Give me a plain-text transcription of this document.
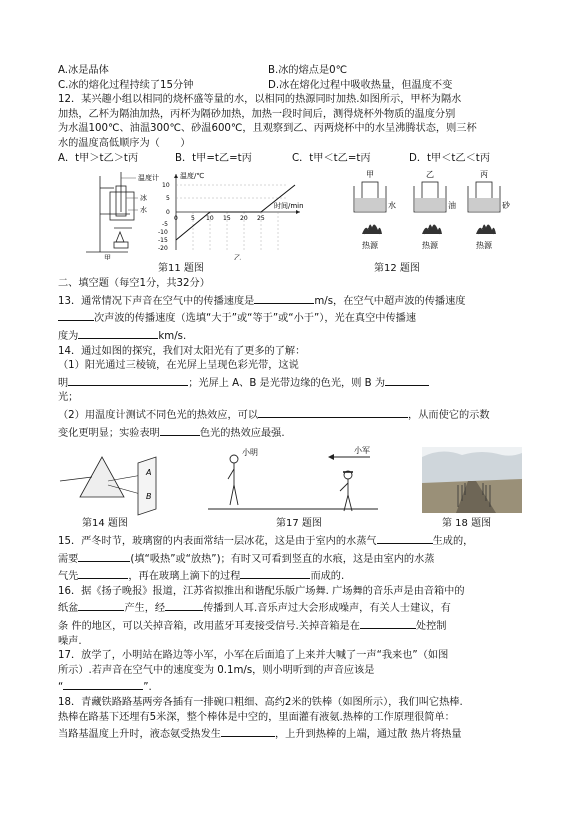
A.冰是晶体	B.冰的熔点是0℃
C.冰的熔化过程持续了15分钟	D.冰在熔化过程中吸收热量，但温度不变
12．某兴趣小组以相同的烧杯盛等量的水，以相同的热源同时加热.如图所示，甲杯为隔水
加热，乙杯为隔油加热，丙杯为隔砂加热，加热一段时间后，测得烧杯外物质的温度分别
为水温100℃、油温300℃、砂温600℃，且观察到乙、丙两烧杯中的水呈沸腾状态，则三杯
水的温度高低顺序为（　　）
A．t甲＞t乙＞t丙	B．t甲=t乙=t丙	C．t甲＜t乙=t丙	D．t甲＜t乙＜t丙
温度计
冰
水
甲
温度/℃
时间/min
10
5
0
-5
-10
-15
-20
0 5 10 15 20 25
乙
甲	乙	丙
水	油	砂
热源	热源	热源
第11 题图	第12 题图
二、填空题（每空1分，共32分）
13．通常情况下声音在空气中的传播速度是	m/s，在空气中超声波的传播速度
次声波的传播速度（选填“大于”或“等于”或“小于”），光在真空中传播速
度为	km/s.
14．通过如图的探究，我们对太阳光有了更多的了解：
（1）阳光通过三棱镜，在光屏上呈现色彩光带，这说
明	；光屏上 A、B 是光带边缘的色光，则 B 为
光；
（2）用温度计测试不同色光的热效应，可以	，从而使它的示数
变化更明显；实验表明	色光的热效应最强.
A
B
小明	小军
第14 题图	第17 题图	第 18 题图
15．严冬时节，玻璃窗的内表面常结一层冰花，这是由于室内的水蒸气	生成的，
需要	(填“吸热”或“放热”)；有时又可看到竖直的水痕，这是由室内的水蒸
气先	，再在玻璃上滴下的过程	而成的.
16．据《扬子晚报》报道，江苏省拟推出和谐配乐版广场舞. 广场舞的音乐声是由音箱中的
纸盆	产生，经	传播到人耳.音乐声过大会形成噪声，有关人士建议，有
条 件的地区，可以关掉音箱，改用蓝牙耳麦接受信号.关掉音箱是在	处控制
噪声.
17．放学了，小明站在路边等小军，小军在后面追了上来并大喊了一声“我来也”（如图
所示）.若声音在空气中的速度变为 0.1m/s，则小明听到的声音应该是
“	”.
18．青藏铁路路基两旁各插有一排碗口粗细、高约2米的铁棒（如图所示），我们叫它热棒.
热棒在路基下还埋有5米深，整个棒体是中空的，里面灌有液氨.热棒的工作原理很简单：
当路基温度上升时，液态氨受热发生	，上升到热棒的上端，通过散 热片将热量
